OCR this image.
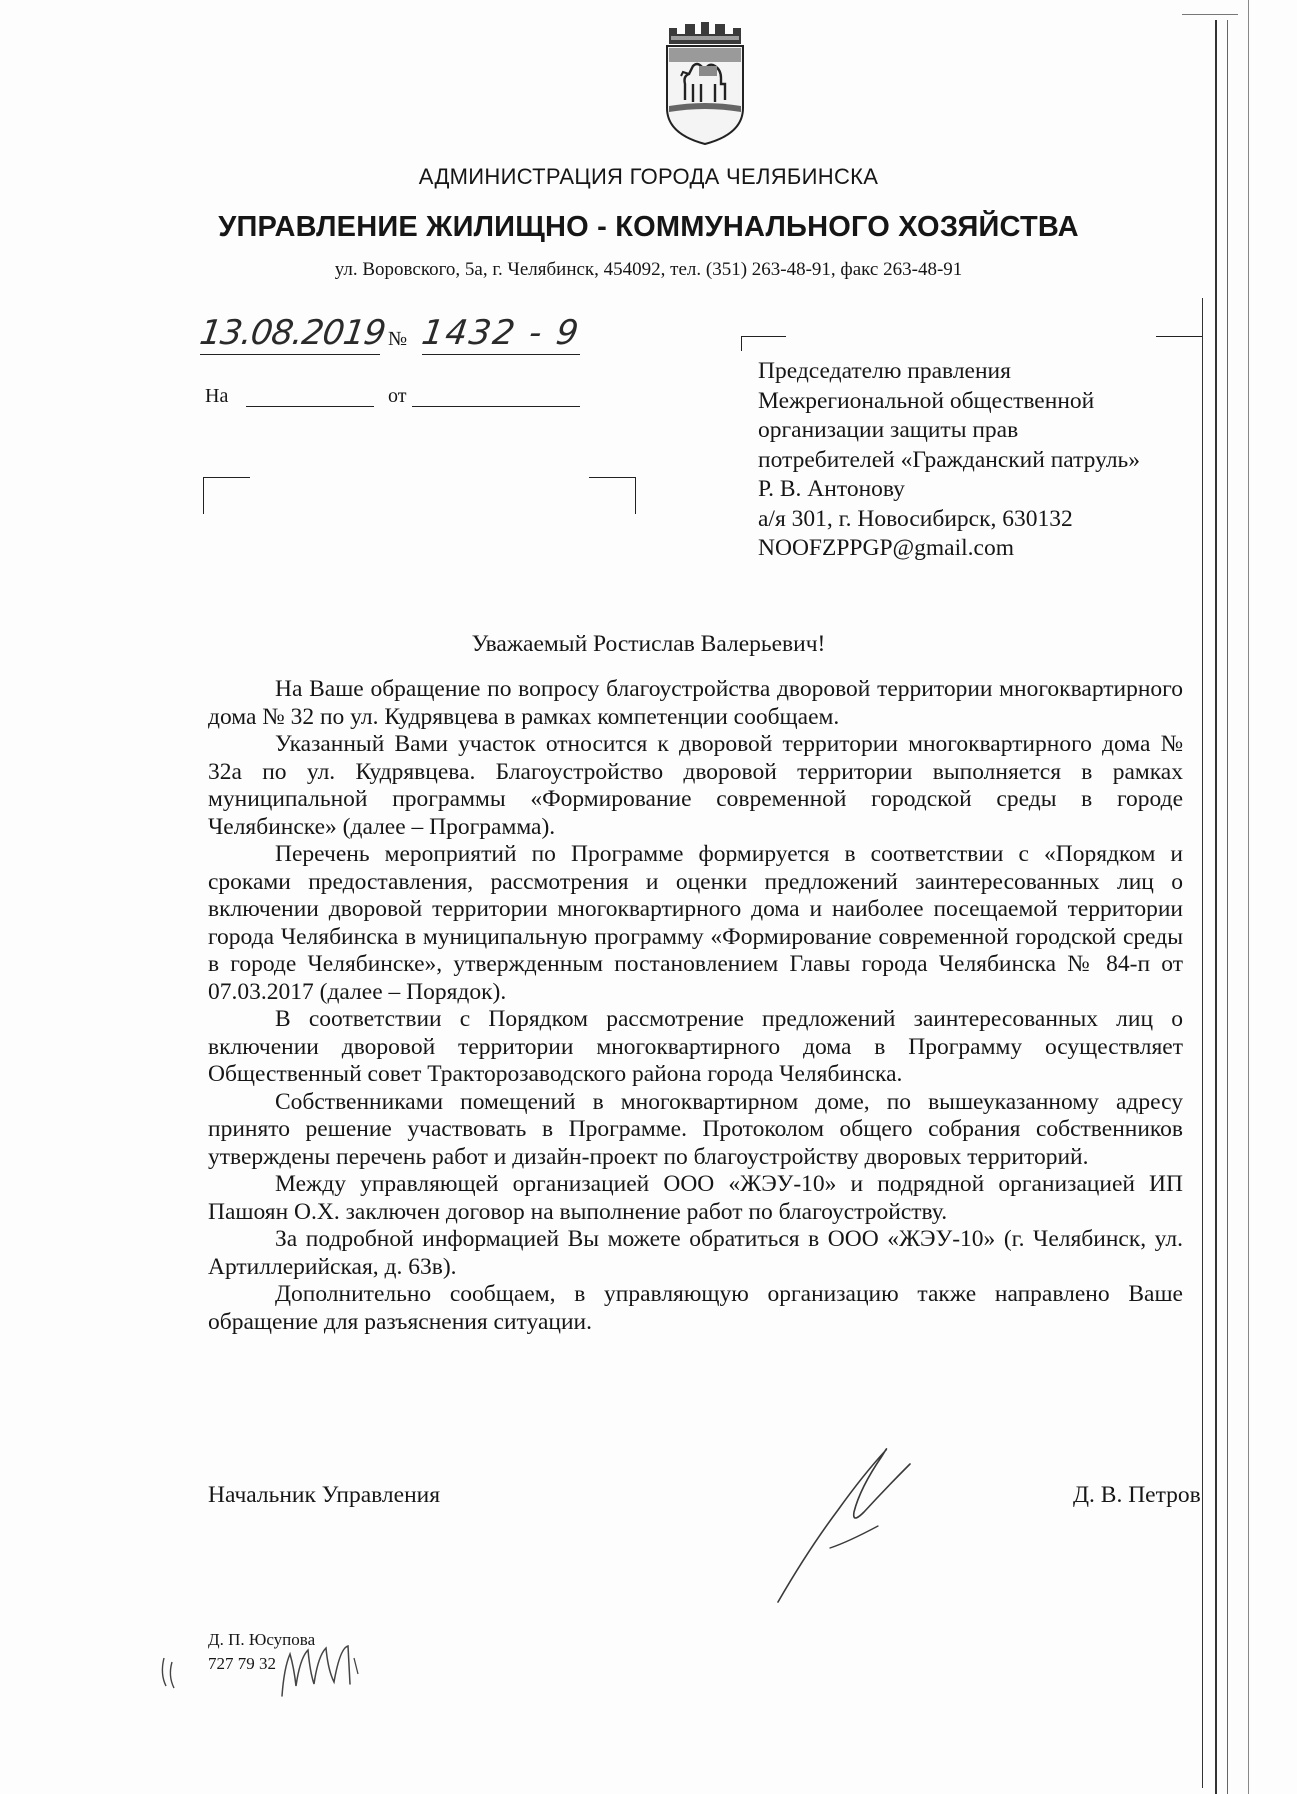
АДМИНИСТРАЦИЯ ГОРОДА ЧЕЛЯБИНСКА
УПРАВЛЕНИЕ ЖИЛИЩНО - КОММУНАЛЬНОГО ХОЗЯЙСТВА
ул. Воровского, 5а, г. Челябинск, 454092, тел. (351) 263-48-91, факс 263-48-91
13.08.2019 № 1432 - 9
На	от
Председателю правления
Межрегиональной общественной
организации защиты прав
потребителей «Гражданский патруль»
Р. В. Антонову
а/я 301, г. Новосибирск, 630132
NOOFZPPGP@gmail.com
Уважаемый Ростислав Валерьевич!

На Ваше обращение по вопросу благоустройства дворовой территории многоквартирного дома № 32 по ул. Кудрявцева в рамках компетенции сообщаем.

Указанный Вами участок относится к дворовой территории многоквартирного дома № 32а по ул. Кудрявцева. Благоустройство дворовой территории выполняется в рамках муниципальной программы «Формирование современной городской среды в городе Челябинске» (далее – Программа).

Перечень мероприятий по Программе формируется в соответствии с «Порядком и сроками предоставления, рассмотрения и оценки предложений заинтересованных лиц о включении дворовой территории многоквартирного дома и наиболее посещаемой территории города Челябинска в муниципальную программу «Формирование современной городской среды в городе Челябинске», утвержденным постановлением Главы города Челябинска № 84-п от 07.03.2017 (далее – Порядок).

В соответствии с Порядком рассмотрение предложений заинтересованных лиц о включении дворовой территории многоквартирного дома в Программу осуществляет Общественный совет Тракторозаводского района города Челябинска.

Собственниками помещений в многоквартирном доме, по вышеуказанному адресу принято решение участвовать в Программе. Протоколом общего собрания собственников утверждены перечень работ и дизайн-проект по благоустройству дворовых территорий.

Между управляющей организацией ООО «ЖЭУ-10» и подрядной организацией ИП Пашоян О.Х. заключен договор на выполнение работ по благоустройству.

За подробной информацией Вы можете обратиться в ООО «ЖЭУ-10» (г. Челябинск, ул. Артиллерийская, д. 63в).

Дополнительно сообщаем, в управляющую организацию также направлено Ваше обращение для разъяснения ситуации.

Начальник Управления	Д. В. Петров
Д. П. Юсупова
727 79 32
